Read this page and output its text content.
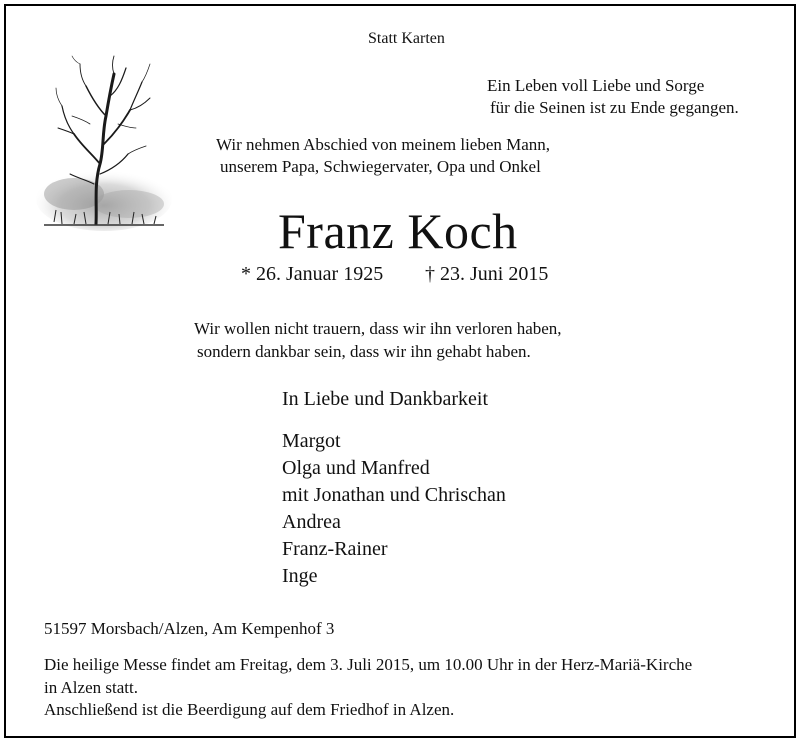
Statt Karten
Ein Leben voll Liebe und Sorge
für die Seinen ist zu Ende gegangen.
Wir nehmen Abschied von meinem lieben Mann,
unserem Papa, Schwiegervater, Opa und Onkel
Franz Koch
* 26. Januar 1925 † 23. Juni 2015
Wir wollen nicht trauern, dass wir ihn verloren haben,
sondern dankbar sein, dass wir ihn gehabt haben.
In Liebe und Dankbarkeit
Margot
Olga und Manfred
mit Jonathan und Chrischan
Andrea
Franz-Rainer
Inge
51597 Morsbach/Alzen, Am Kempenhof 3
Die heilige Messe findet am Freitag, dem 3. Juli 2015, um 10.00 Uhr in der Herz-Mariä-Kirche
in Alzen statt.
Anschließend ist die Beerdigung auf dem Friedhof in Alzen.
